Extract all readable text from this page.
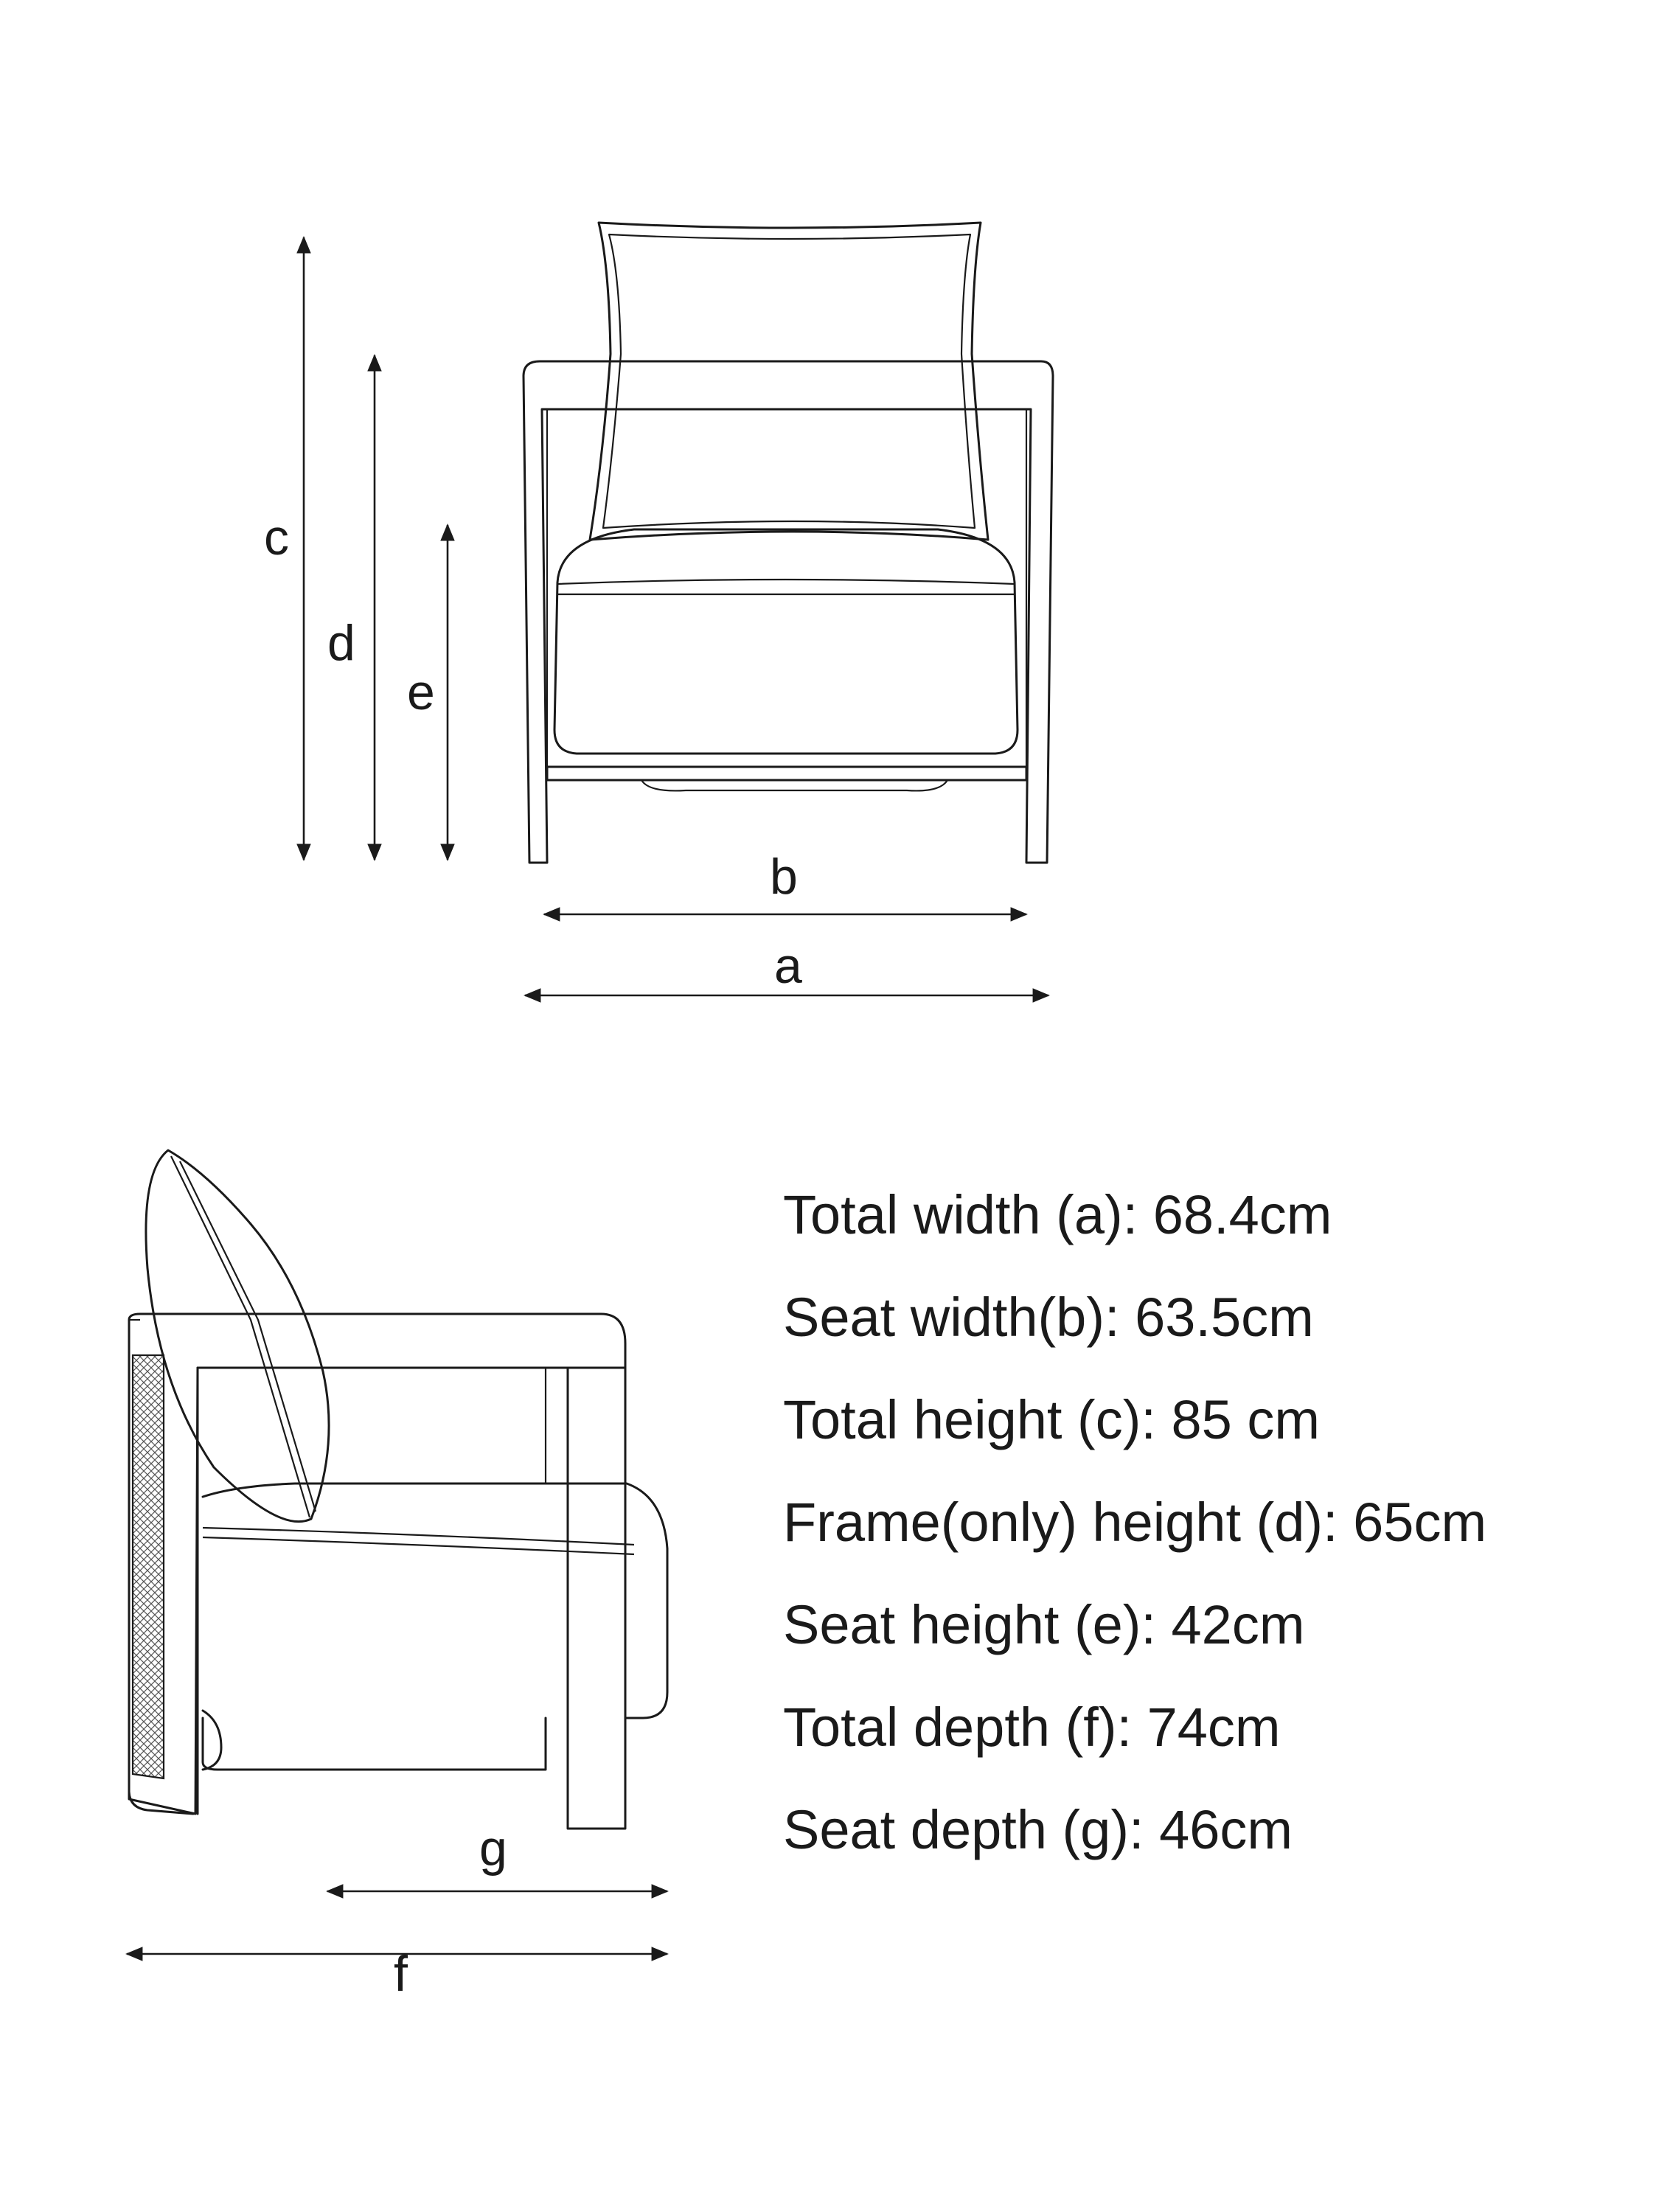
c
d
e
b
a
g
f
Total width (a): 68.4cm
Seat width(b): 63.5cm
Total height (c): 85 cm
Frame(only) height (d): 65cm
Seat height (e): 42cm
Total depth (f): 74cm
Seat depth (g): 46cm
